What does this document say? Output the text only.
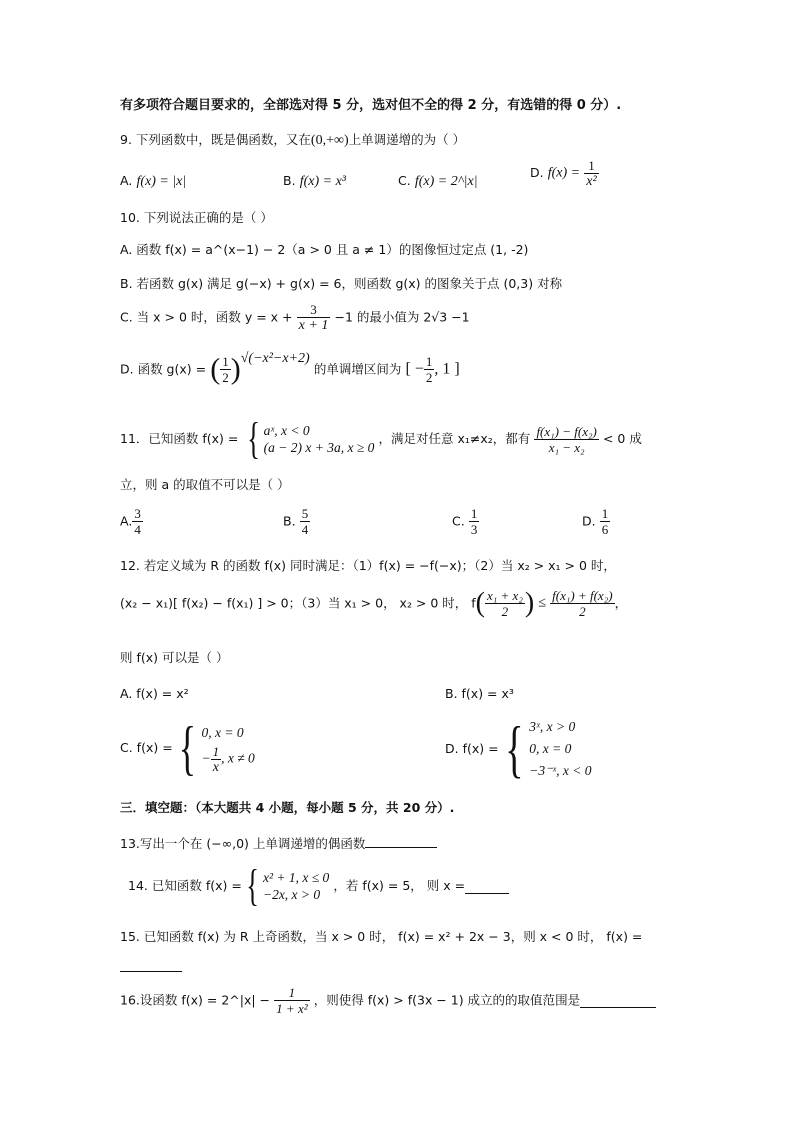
有多项符合题目要求的，全部选对得 5 分，选对但不全的得 2 分，有选错的得 0 分）.
9. 下列函数中，既是偶函数，又在(0,+∞)上单调递增的为（ ）
A. f(x) = |x|	B. f(x) = x³	C. f(x) = 2^|x|
D. $f(x) = \frac{1}{\text{x²}}$
10. 下列说法正确的是（ ）
A. 函数 f(x) = a^(x−1) − 2（a > 0 且 a ≠ 1）的图像恒过定点 (1, -2)
B. 若函数 g(x) 满足 g(−x) + g(x) = 6，则函数 g(x) 的图象关于点 (0,3) 对称
C. 当 x > 0 时，函数 $y = x + \frac{3}{x + 1} -1$ 的最小值为 2√3 −1
D. 函数 g(x) = ( $\frac{1}{2} )^{√(-x^2-x+2)}$ 的单调增区间为 [ − $\frac{1}{2}$ , 1 ]
11．已知函数 f(x) = { aˣ, x < 0
(a − 2) x + 3a, x ≥ 0
，满足对任意 x₁≠x₂，都有 $\frac{\text{f(x₁) − f(x₂)}}{\text{x₁ − x₂}} < 0$ 成
立，则 a 的取值不可以是（ ）
A. $\frac{3}{4}$	B. $\frac{5}{4}$	C. $\frac{1}{3}$	D. $\frac{1}{6}$
12. 若定义域为 R 的函数 f(x) 同时满足：（1）f(x) = −f(−x)；（2）当 x₂ > x₁ > 0 时，
(x₂ − x₁)[ f(x₂) − f(x₁) ] > 0；（3）当 x₁ > 0， x₂ > 0 时， $f( \frac{\text{x₁ + x₂}}{2}$ ) ≤ $\frac{\text{f(x₁) + f(x₂)}}{2}$ ，
则 f(x) 可以是（ ）
A. f(x) = x²	B. f(x) = x³
C. f(x) ={ 0, x = 0
− $\frac{1}{x}$ , x ≠ 0
D. f(x) ={ 3ˣ, x > 0
0, x = 0
−3⁻ˣ, x < 0
三．填空题：（本大题共 4 小题，每小题 5 分，共 20 分）.
13.写出一个在 (−∞,0) 上单调递增的偶函数
14. 已知函数 f(x) ={ x² + 1, x ≤ 0
−2x, x > 0
，若 f(x) = 5， 则 x =
15. 已知函数 f(x) 为 R 上奇函数，当 x > 0 时， f(x) = x² + 2x − 3，则 x < 0 时， f(x) =
16.设函数 f(x) = 2^|x| − $\frac{1}{\text{1 + x²}}$ ，则使得 f(x) > f(3x − 1) 成立的的取值范围是
